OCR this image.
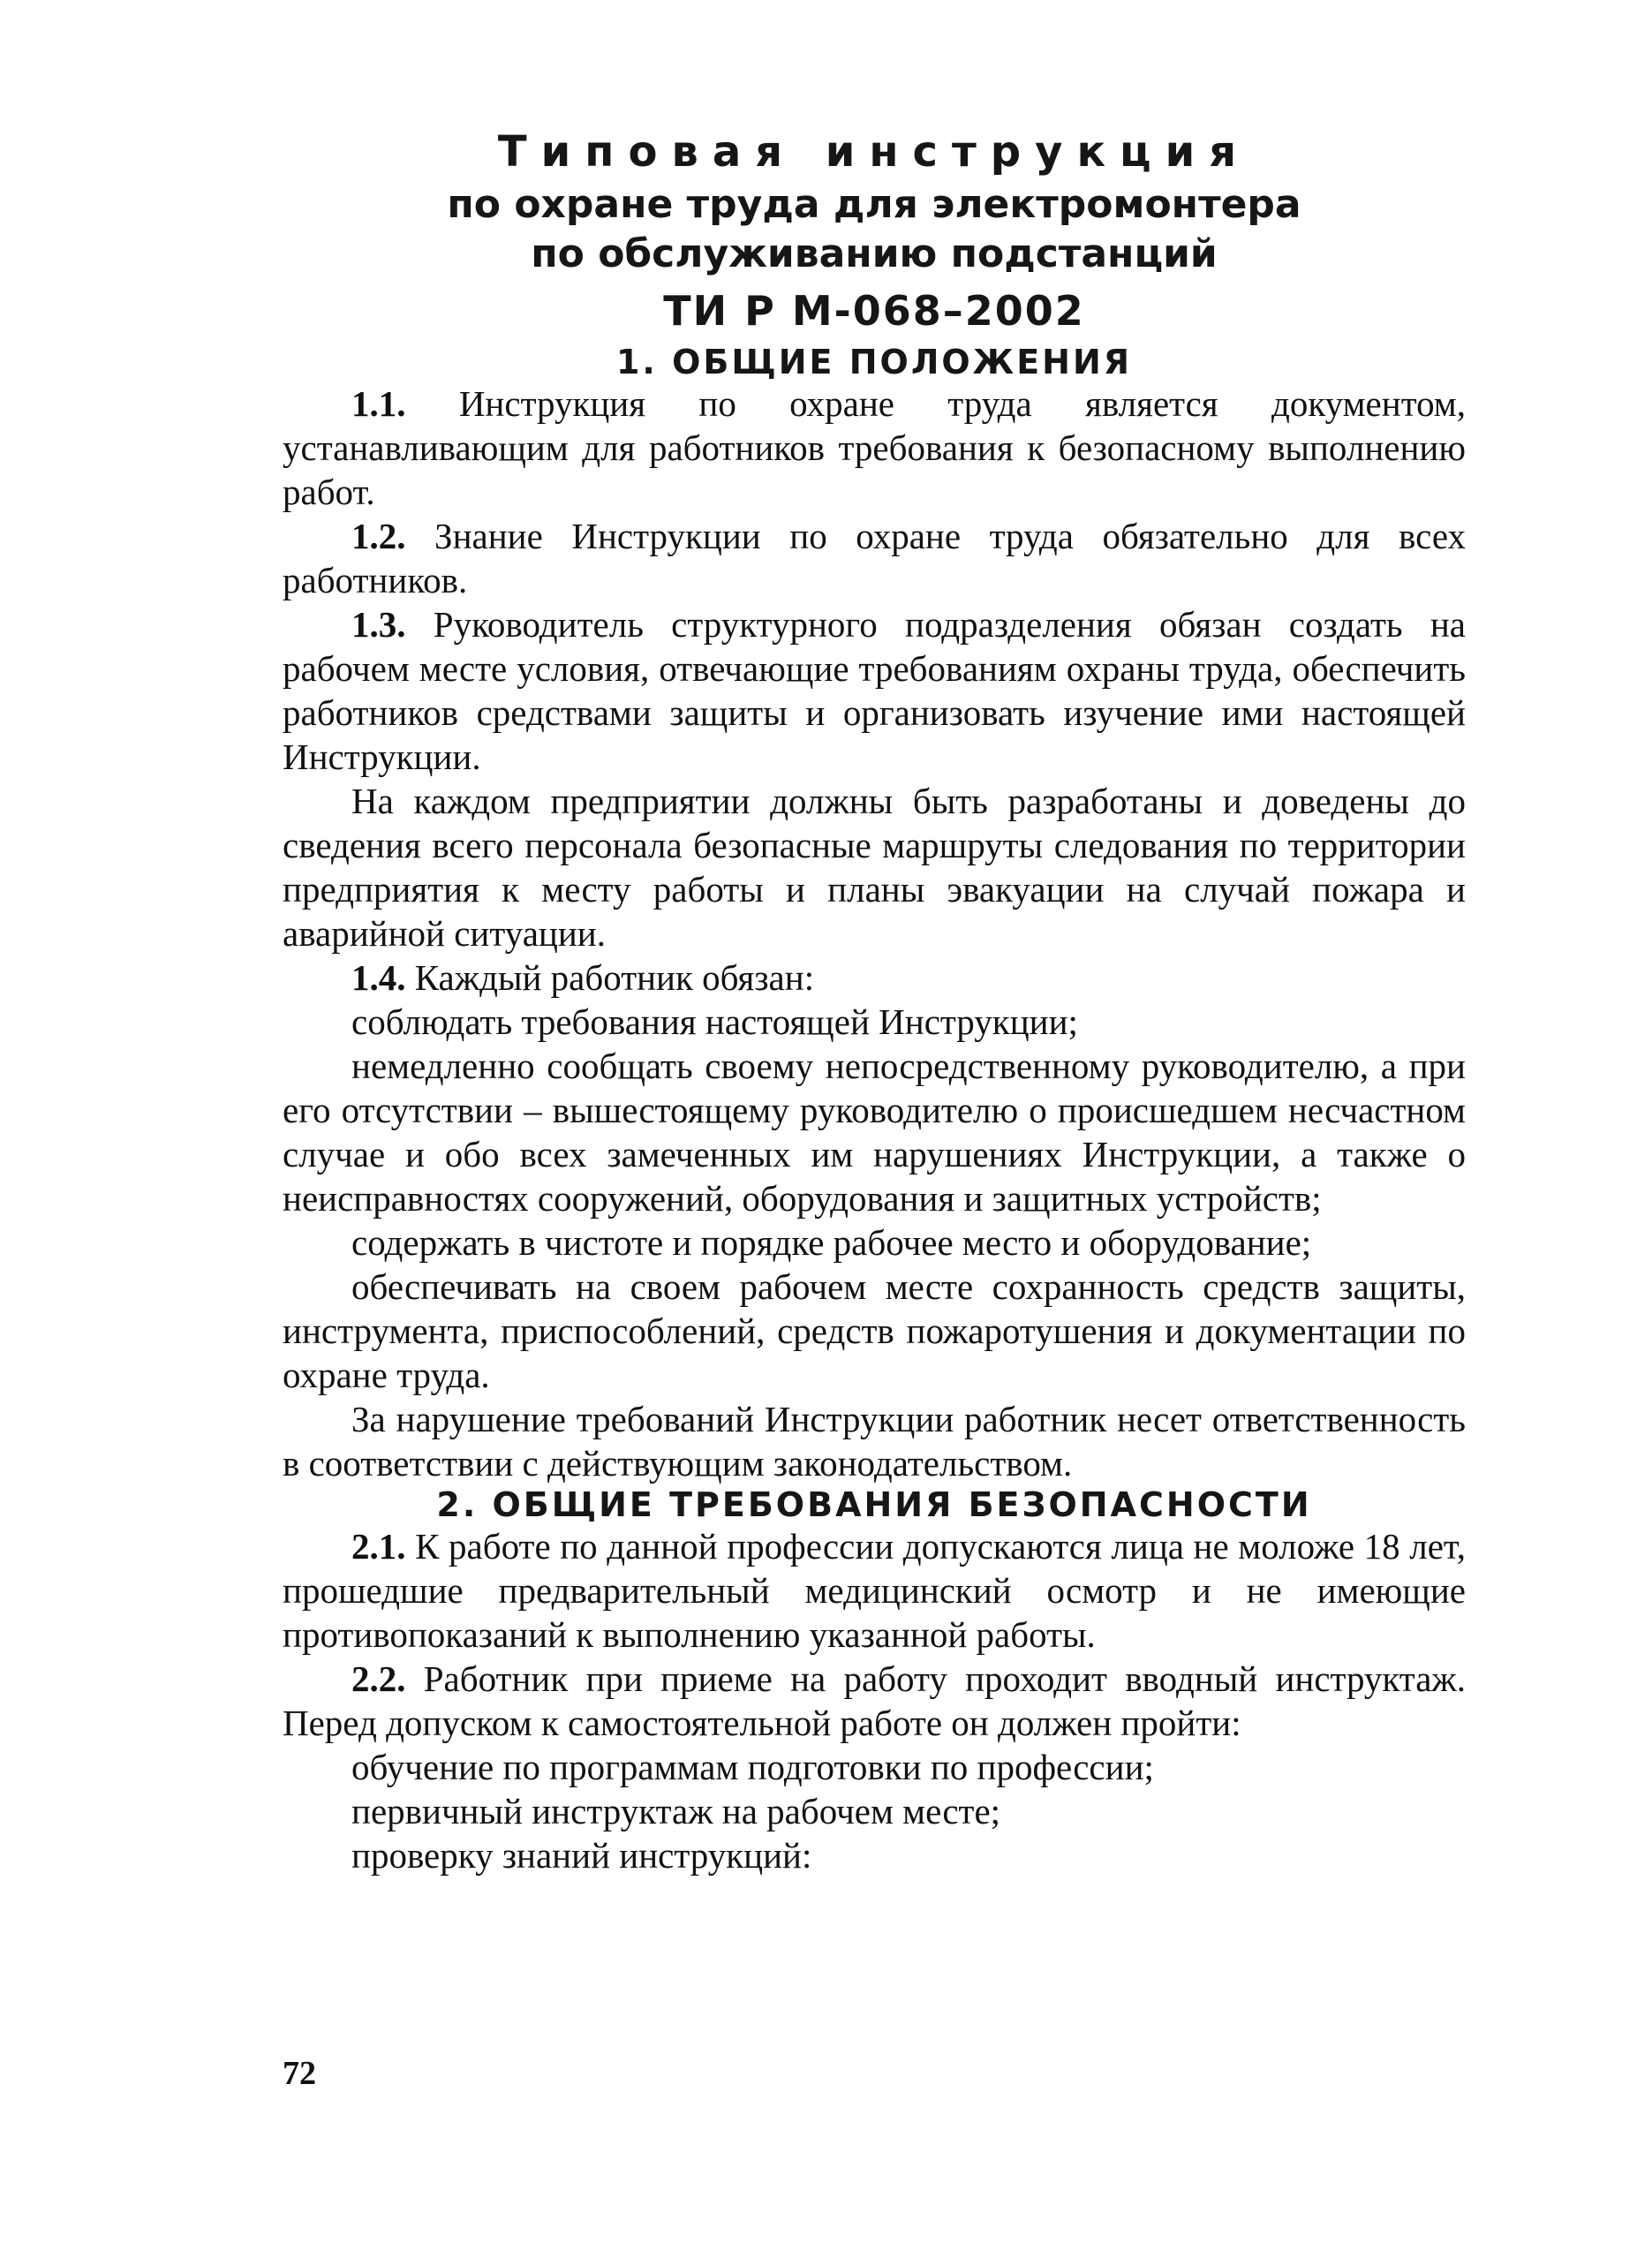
Типовая инструкция

по охране труда для электромонтера

по обслуживанию подстанций

ТИ Р М-068–2002

1. ОБЩИЕ ПОЛОЖЕНИЯ

1.1. Инструкция по охране труда является документом, устанавливающим для работников требования к безопасному выполнению работ.

1.2. Знание Инструкции по охране труда обязательно для всех работников.

1.3. Руководитель структурного подразделения обязан создать на рабочем месте условия, отвечающие требованиям охраны труда, обеспечить работников средствами защиты и организовать изучение ими настоящей Инструкции.

На каждом предприятии должны быть разработаны и доведены до сведения всего персонала безопасные маршруты следования по территории предприятия к месту работы и планы эвакуации на случай пожара и аварийной ситуации.

1.4. Каждый работник обязан:

соблюдать требования настоящей Инструкции;

немедленно сообщать своему непосредственному руководителю, а при его отсутствии – вышестоящему руководителю о происшедшем несчастном случае и обо всех замеченных им нарушениях Инструкции, а также о неисправностях сооружений, оборудования и защитных устройств;

содержать в чистоте и порядке рабочее место и оборудование;

обеспечивать на своем рабочем месте сохранность средств защиты, инструмента, приспособлений, средств пожаротушения и документации по охране труда.

За нарушение требований Инструкции работник несет ответственность в соответствии с действующим законодательством.

2. ОБЩИЕ ТРЕБОВАНИЯ БЕЗОПАСНОСТИ

2.1. К работе по данной профессии допускаются лица не моложе 18 лет, прошедшие предварительный медицинский осмотр и не имеющие противопоказаний к выполнению указанной работы.

2.2. Работник при приеме на работу проходит вводный инструктаж. Перед допуском к самостоятельной работе он должен пройти:

обучение по программам подготовки по профессии;

первичный инструктаж на рабочем месте;

проверку знаний инструкций:

72
